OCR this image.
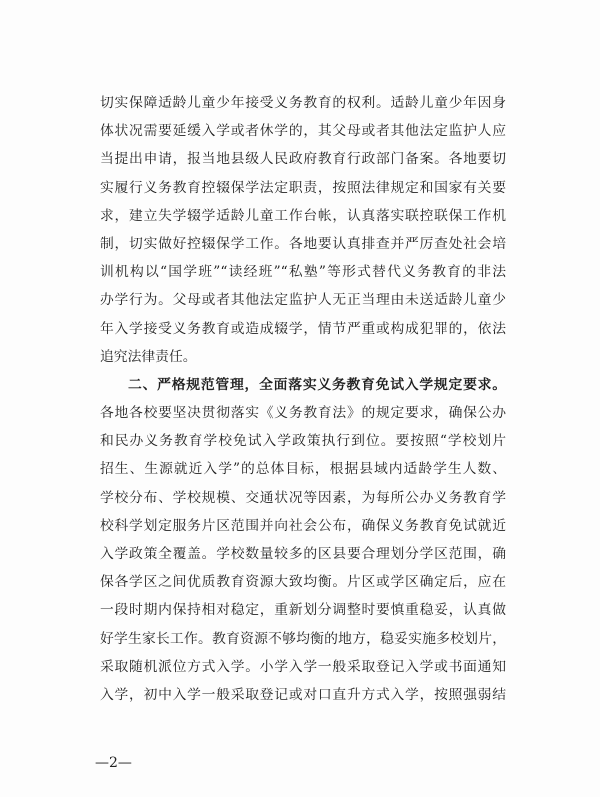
切实保障适龄儿童少年接受义务教育的权利。适龄儿童少年因身
体状况需要延缓入学或者休学的，其父母或者其他法定监护人应
当提出申请，报当地县级人民政府教育行政部门备案。各地要切
实履行义务教育控辍保学法定职责，按照法律规定和国家有关要
求，建立失学辍学适龄儿童工作台帐，认真落实联控联保工作机
制，切实做好控辍保学工作。各地要认真排查并严厉查处社会培
训机构以“国学班”“读经班”“私塾”等形式替代义务教育的非法
办学行为。父母或者其他法定监护人无正当理由未送适龄儿童少
年入学接受义务教育或造成辍学，情节严重或构成犯罪的，依法
追究法律责任。
二、严格规范管理，全面落实义务教育免试入学规定要求。
各地各校要坚决贯彻落实《义务教育法》的规定要求，确保公办
和民办义务教育学校免试入学政策执行到位。要按照“学校划片
招生、生源就近入学”的总体目标，根据县域内适龄学生人数、
学校分布、学校规模、交通状况等因素，为每所公办义务教育学
校科学划定服务片区范围并向社会公布，确保义务教育免试就近
入学政策全覆盖。学校数量较多的区县要合理划分学区范围，确
保各学区之间优质教育资源大致均衡。片区或学区确定后，应在
一段时期内保持相对稳定，重新划分调整时要慎重稳妥，认真做
好学生家长工作。教育资源不够均衡的地方，稳妥实施多校划片，
采取随机派位方式入学。小学入学一般采取登记入学或书面通知
入学，初中入学一般采取登记或对口直升方式入学，按照强弱结
—2—
